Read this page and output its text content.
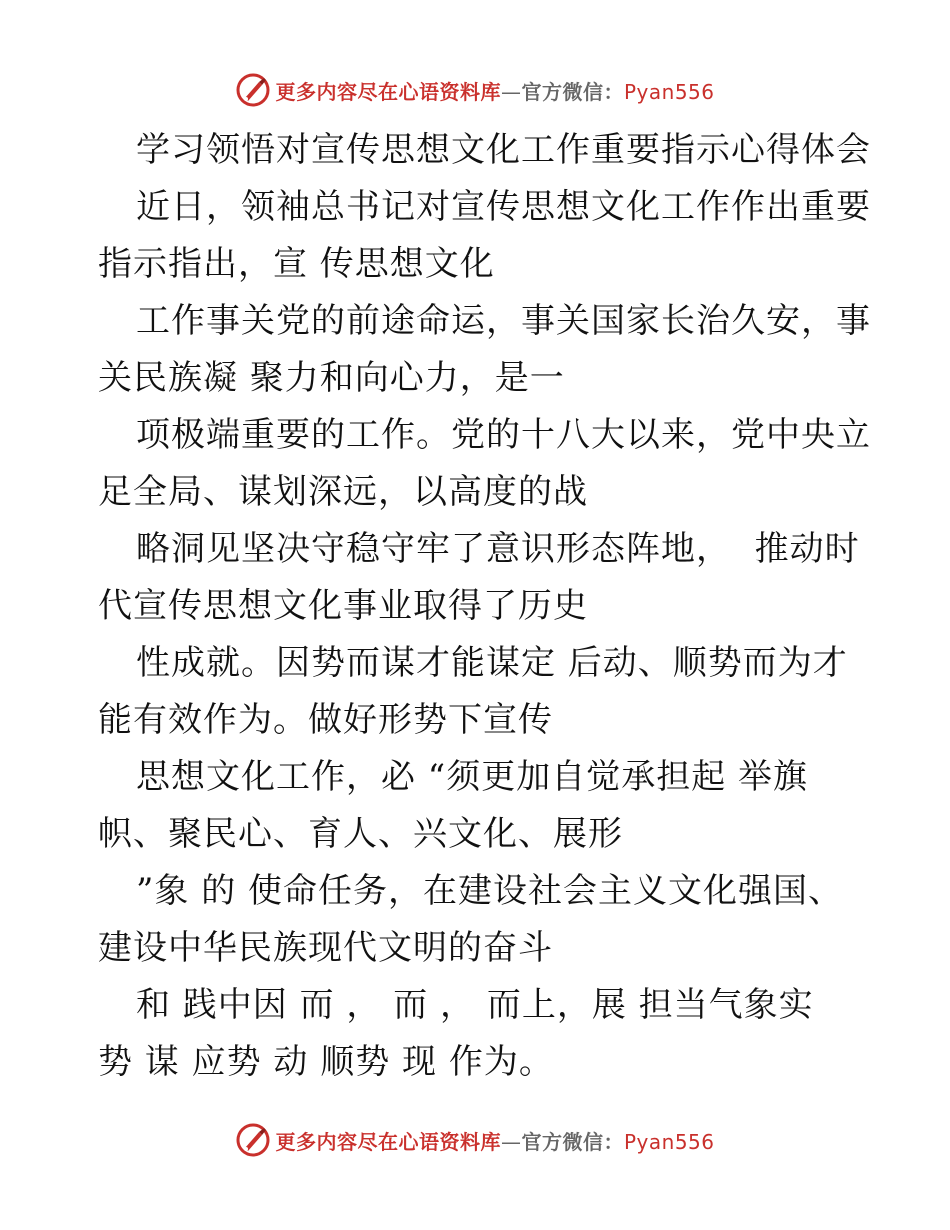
更多内容尽在心语资料库—官方微信：Pyan556
学习领悟对宣传思想文化工作重要指示心得体会
近日，领袖总书记对宣传思想文化工作作出重要
指示指出，宣 传思想文化
工作事关党的前途命运，事关国家长治久安，事
关民族凝 聚力和向心力，是一
项极端重要的工作。党的十八大以来，党中央立
足全局、谋划深远，以高度的战
略洞见坚决守稳守牢了意识形态阵地，  推动时
代宣传思想文化事业取得了历史
性成就。因势而谋才能谋定 后动、顺势而为才
能有效作为。做好形势下宣传
思想文化工作，必 “须更加自觉承担起 举旗
帜、聚民心、育人、兴文化、展形
”象 的 使命任务，在建设社会主义文化强国、
建设中华民族现代文明的奋斗
和 践中因 而 ， 而 ， 而上，展 担当气象实
势 谋 应势 动 顺势 现 作为。
更多内容尽在心语资料库—官方微信：Pyan556
